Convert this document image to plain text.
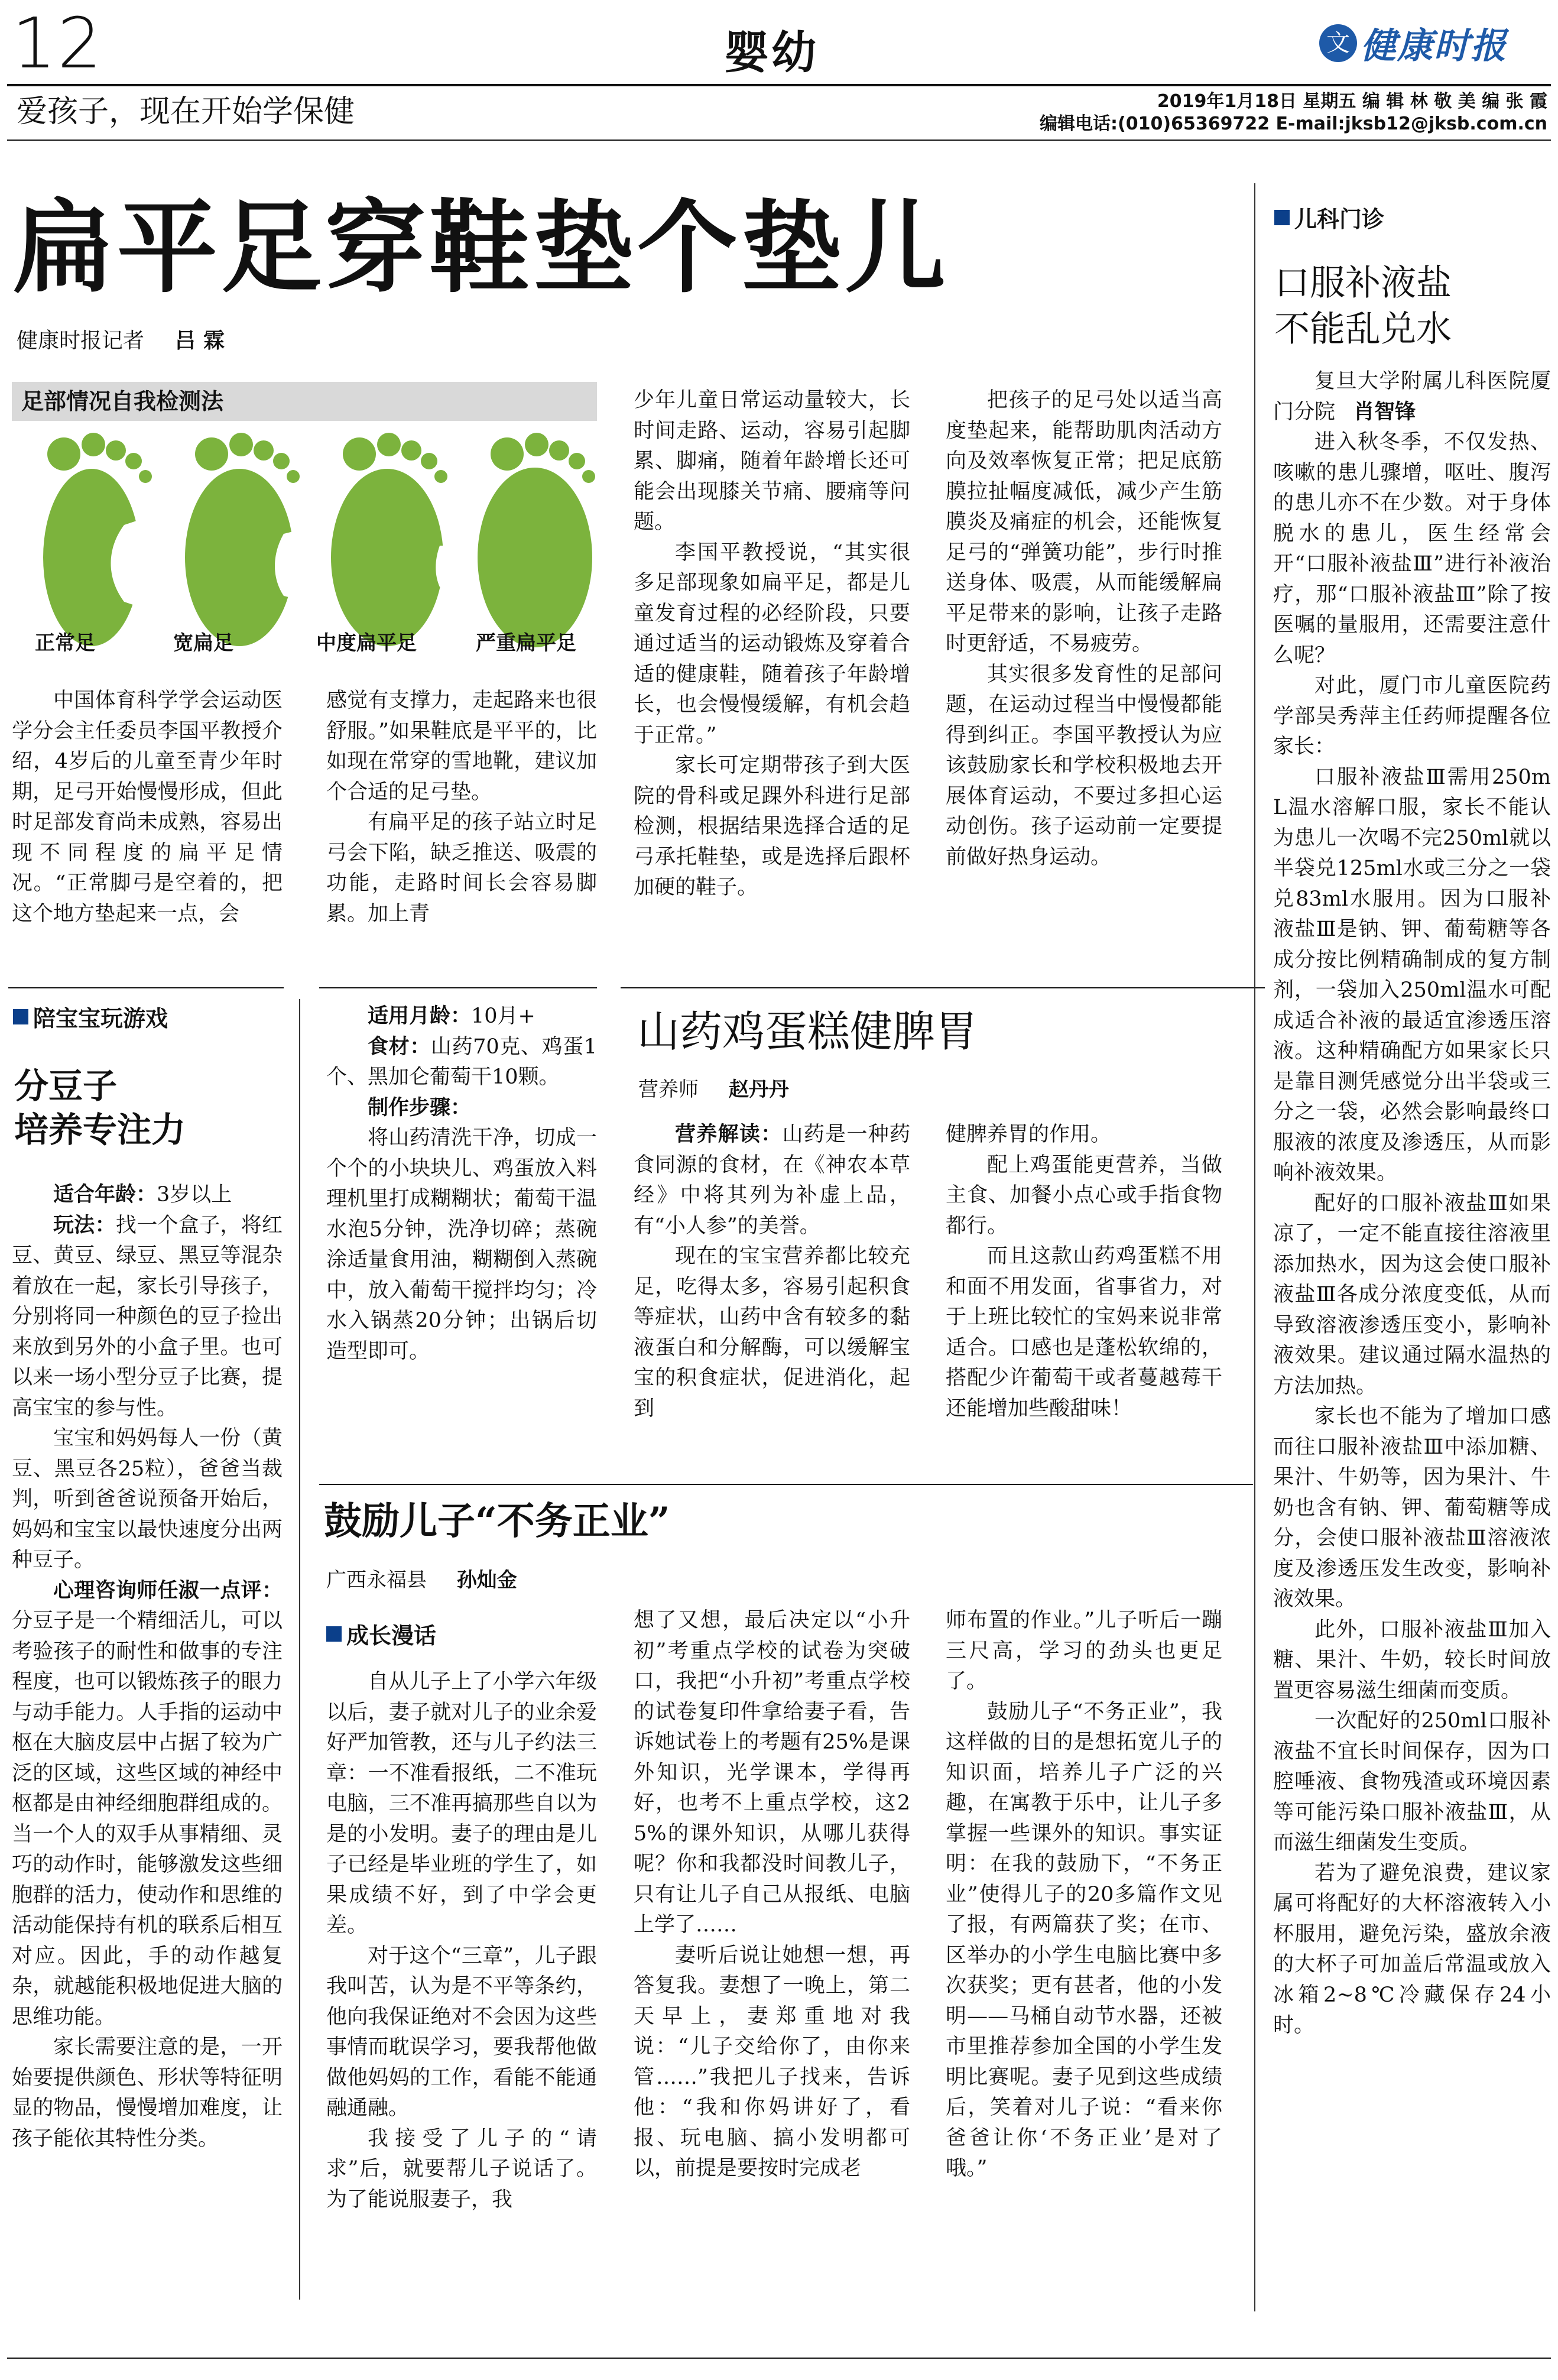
12	婴幼	文 健康时报
爱孩子，现在开始学保健	2019年1月18日 星期五 编 辑 林 敬 美 编 张 霞
编辑电话:(010)65369722 E-mail:jksb12@jksb.com.cn
扁平足穿鞋垫个垫儿
健康时报记者 吕 霖
足部情况自我检测法
正常足	宽扁足	中度扁平足	严重扁平足

中国体育科学学会运动医学分会主任委员李国平教授介绍，4岁后的儿童至青少年时期，足弓开始慢慢形成，但此时足部发育尚未成熟，容易出现不同程度的扁平足情况。“正常脚弓是空着的，把这个地方垫起来一点，会

感觉有支撑力，走起路来也很舒服。”如果鞋底是平平的，比如现在常穿的雪地靴，建议加个合适的足弓垫。

有扁平足的孩子站立时足弓会下陷，缺乏推送、吸震的功能，走路时间长会容易脚累。加上青

少年儿童日常运动量较大，长时间走路、运动，容易引起脚累、脚痛，随着年龄增长还可能会出现膝关节痛、腰痛等问题。

李国平教授说，“其实很多足部现象如扁平足，都是儿童发育过程的必经阶段，只要通过适当的运动锻炼及穿着合适的健康鞋，随着孩子年龄增长，也会慢慢缓解，有机会趋于正常。”

家长可定期带孩子到大医院的骨科或足踝外科进行足部检测，根据结果选择合适的足弓承托鞋垫，或是选择后跟杯加硬的鞋子。

把孩子的足弓处以适当高度垫起来，能帮助肌肉活动方向及效率恢复正常；把足底筋膜拉扯幅度减低，减少产生筋膜炎及痛症的机会，还能恢复足弓的“弹簧功能”，步行时推送身体、吸震，从而能缓解扁平足带来的影响，让孩子走路时更舒适，不易疲劳。

其实很多发育性的足部问题，在运动过程当中慢慢都能得到纠正。李国平教授认为应该鼓励家长和学校积极地去开展体育运动，不要过多担心运动创伤。孩子运动前一定要提前做好热身运动。

陪宝宝玩游戏
分豆子
培养专注力

适合年龄：3岁以上

玩法：找一个盒子，将红豆、黄豆、绿豆、黑豆等混杂着放在一起，家长引导孩子，分别将同一种颜色的豆子捡出来放到另外的小盒子里。也可以来一场小型分豆子比赛，提高宝宝的参与性。

宝宝和妈妈每人一份（黄豆、黑豆各25粒），爸爸当裁判，听到爸爸说预备开始后，妈妈和宝宝以最快速度分出两种豆子。

心理咨询师任淑一点评：分豆子是一个精细活儿，可以考验孩子的耐性和做事的专注程度，也可以锻炼孩子的眼力与动手能力。人手指的运动中枢在大脑皮层中占据了较为广泛的区域，这些区域的神经中枢都是由神经细胞群组成的。当一个人的双手从事精细、灵巧的动作时，能够激发这些细胞群的活力，使动作和思维的活动能保持有机的联系后相互对应。因此，手的动作越复杂，就越能积极地促进大脑的思维功能。

家长需要注意的是，一开始要提供颜色、形状等特征明显的物品，慢慢增加难度，让孩子能依其特性分类。

适用月龄：10月+

食材：山药70克、鸡蛋1个、黑加仑葡萄干10颗。

制作步骤：

将山药清洗干净，切成一个个的小块块儿、鸡蛋放入料理机里打成糊糊状；葡萄干温水泡5分钟，洗净切碎；蒸碗涂适量食用油，糊糊倒入蒸碗中，放入葡萄干搅拌均匀；冷水入锅蒸20分钟；出锅后切造型即可。

山药鸡蛋糕健脾胃
营养师 赵丹丹

营养解读：山药是一种药食同源的食材，在《神农本草经》中将其列为补虚上品，有“小人参”的美誉。

现在的宝宝营养都比较充足，吃得太多，容易引起积食等症状，山药中含有较多的黏液蛋白和分解酶，可以缓解宝宝的积食症状，促进消化，起到

健脾养胃的作用。

配上鸡蛋能更营养，当做主食、加餐小点心或手指食物都行。

而且这款山药鸡蛋糕不用和面不用发面，省事省力，对于上班比较忙的宝妈来说非常适合。口感也是蓬松软绵的，搭配少许葡萄干或者蔓越莓干还能增加些酸甜味！

鼓励儿子“不务正业”
广西永福县 孙灿金
成长漫话

自从儿子上了小学六年级以后，妻子就对儿子的业余爱好严加管教，还与儿子约法三章：一不准看报纸，二不准玩电脑，三不准再搞那些自以为是的小发明。妻子的理由是儿子已经是毕业班的学生了，如果成绩不好，到了中学会更差。

对于这个“三章”，儿子跟我叫苦，认为是不平等条约，他向我保证绝对不会因为这些事情而耽误学习，要我帮他做做他妈妈的工作，看能不能通融通融。

我接受了儿子的“请求”后，就要帮儿子说话了。为了能说服妻子，我

想了又想，最后决定以“小升初”考重点学校的试卷为突破口，我把“小升初”考重点学校的试卷复印件拿给妻子看，告诉她试卷上的考题有25%是课外知识，光学课本，学得再好，也考不上重点学校，这25%的课外知识，从哪儿获得呢？你和我都没时间教儿子，只有让儿子自己从报纸、电脑上学了……

妻听后说让她想一想，再答复我。妻想了一晚上，第二天早上，妻郑重地对我说：“儿子交给你了，由你来管……”我把儿子找来，告诉他：“我和你妈讲好了，看报、玩电脑、搞小发明都可以，前提是要按时完成老

师布置的作业。”儿子听后一蹦三尺高，学习的劲头也更足了。

鼓励儿子“不务正业”，我这样做的目的是想拓宽儿子的知识面，培养儿子广泛的兴趣，在寓教于乐中，让儿子多掌握一些课外的知识。事实证明：在我的鼓励下，“不务正业”使得儿子的20多篇作文见了报，有两篇获了奖；在市、区举办的小学生电脑比赛中多次获奖；更有甚者，他的小发明——马桶自动节水器，还被市里推荐参加全国的小学生发明比赛呢。妻子见到这些成绩后，笑着对儿子说：“看来你爸爸让你‘不务正业’是对了哦。”

儿科门诊
口服补液盐
不能乱兑水

复旦大学附属儿科医院厦门分院 肖智锋

进入秋冬季，不仅发热、咳嗽的患儿骤增，呕吐、腹泻的患儿亦不在少数。对于身体脱水的患儿，医生经常会开“口服补液盐Ⅲ”进行补液治疗，那“口服补液盐Ⅲ”除了按医嘱的量服用，还需要注意什么呢？

对此，厦门市儿童医院药学部吴秀萍主任药师提醒各位家长：

口服补液盐Ⅲ需用250mL温水溶解口服，家长不能认为患儿一次喝不完250ml就以半袋兑125ml水或三分之一袋兑83ml水服用。因为口服补液盐Ⅲ是钠、钾、葡萄糖等各成分按比例精确制成的复方制剂，一袋加入250ml温水可配成适合补液的最适宜渗透压溶液。这种精确配方如果家长只是靠目测凭感觉分出半袋或三分之一袋，必然会影响最终口服液的浓度及渗透压，从而影响补液效果。

配好的口服补液盐Ⅲ如果凉了，一定不能直接往溶液里添加热水，因为这会使口服补液盐Ⅲ各成分浓度变低，从而导致溶液渗透压变小，影响补液效果。建议通过隔水温热的方法加热。

家长也不能为了增加口感而往口服补液盐Ⅲ中添加糖、果汁、牛奶等，因为果汁、牛奶也含有钠、钾、葡萄糖等成分，会使口服补液盐Ⅲ溶液浓度及渗透压发生改变，影响补液效果。

此外，口服补液盐Ⅲ加入糖、果汁、牛奶，较长时间放置更容易滋生细菌而变质。

一次配好的250ml口服补液盐不宜长时间保存，因为口腔唾液、食物残渣或环境因素等可能污染口服补液盐Ⅲ，从而滋生细菌发生变质。

若为了避免浪费，建议家属可将配好的大杯溶液转入小杯服用，避免污染，盛放余液的大杯子可加盖后常温或放入冰箱2~8℃冷藏保存24小时。
